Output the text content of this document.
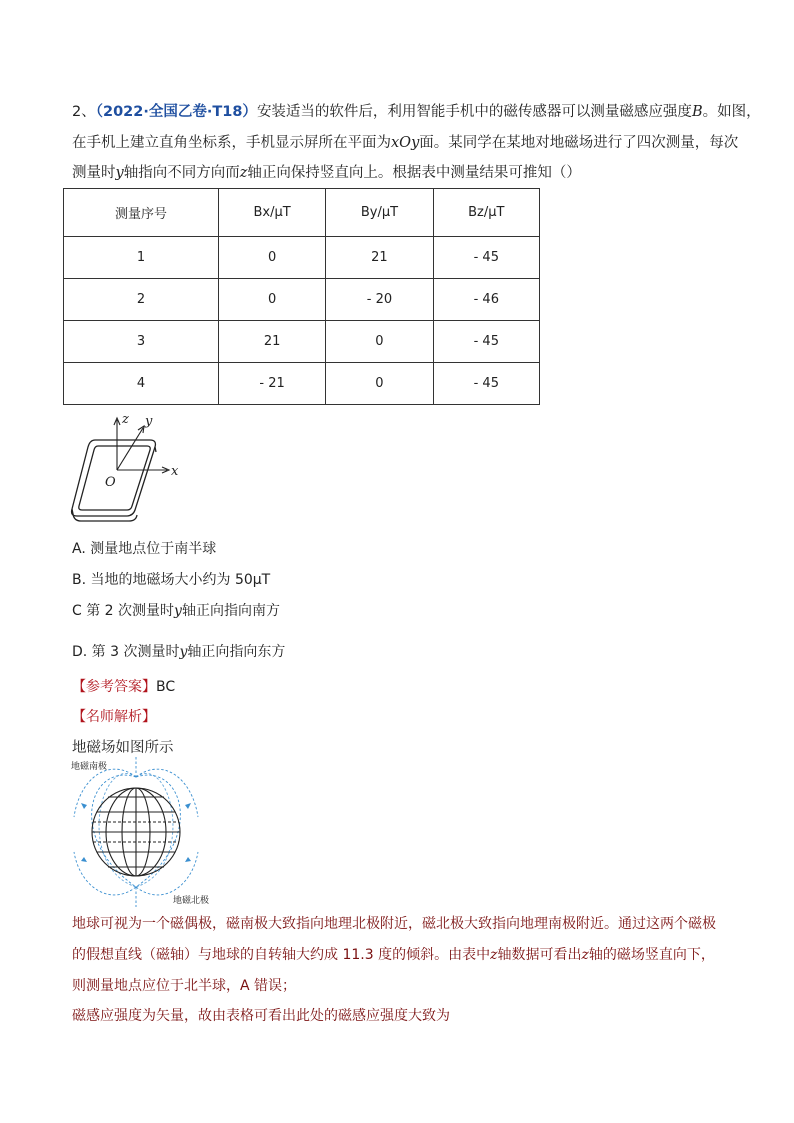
2、（2022·全国乙卷·T18）安装适当的软件后，利用智能手机中的磁传感器可以测量磁感应强度B。如图，
在手机上建立直角坐标系，手机显示屏所在平面为xOy面。某同学在某地对地磁场进行了四次测量，每次
测量时y轴指向不同方向而z轴正向保持竖直向上。根据表中测量结果可推知（）
测量序号	Bx/μT	By/μT	Bz/μT
1	0	21	- 45
2	0	- 20	- 46
3	21	0	- 45
4	- 21	0	- 45
z y
x
O
A. 测量地点位于南半球
B. 当地的地磁场大小约为 50μT
C 第 2 次测量时y轴正向指向南方
D. 第 3 次测量时y轴正向指向东方
【参考答案】BC
【名师解析】
地磁场如图所示
地磁南极
地磁北极
地球可视为一个磁偶极，磁南极大致指向地理北极附近，磁北极大致指向地理南极附近。通过这两个磁极
的假想直线（磁轴）与地球的自转轴大约成 11.3 度的倾斜。由表中z轴数据可看出z轴的磁场竖直向下，
则测量地点应位于北半球，A 错误；
磁感应强度为矢量，故由表格可看出此处的磁感应强度大致为
